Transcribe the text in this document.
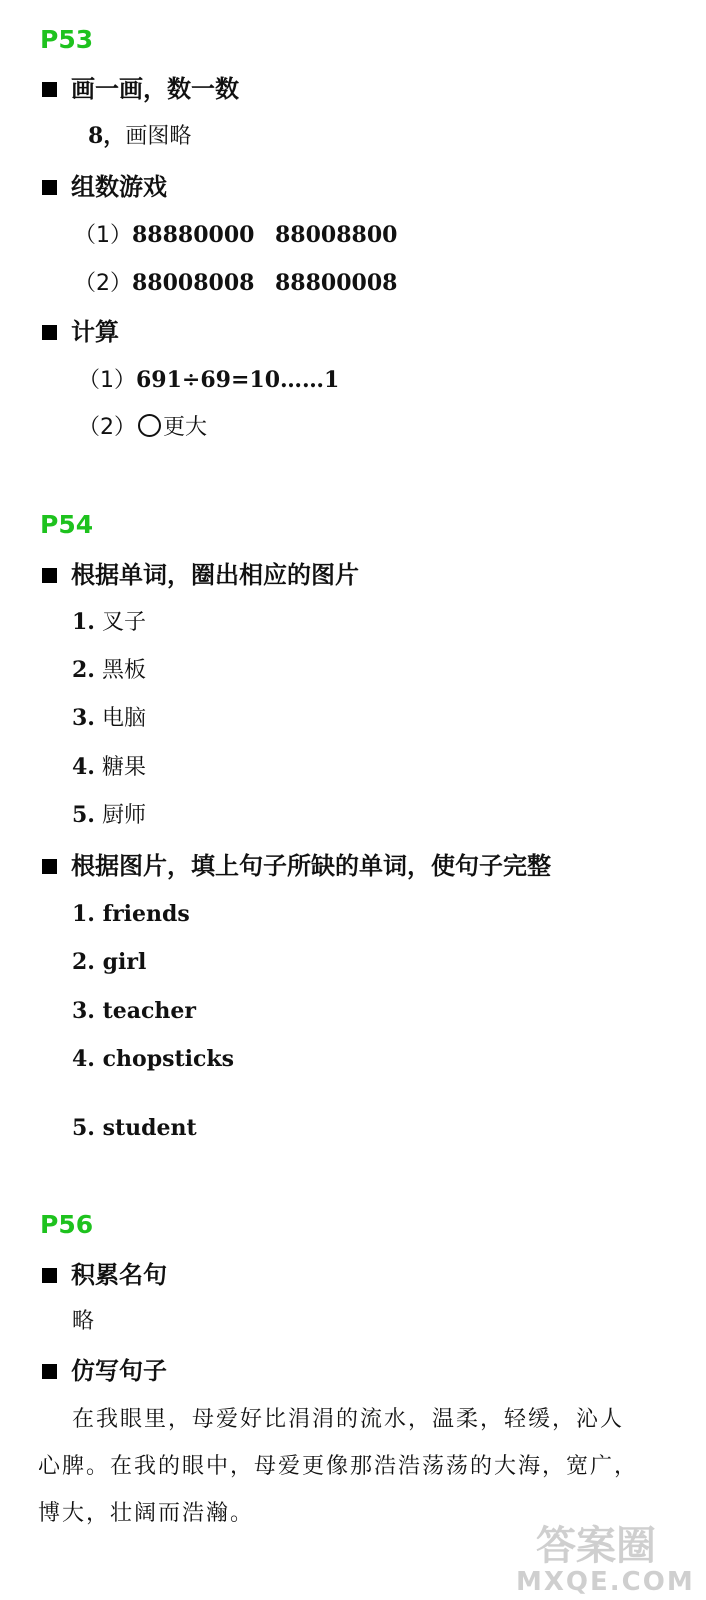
P53
画一画，数一数
8，画图略
组数游戏
（1）88880000 88008800
（2）88008008 88800008
计算
（1）691÷69=10……1
（2） 更大
P54
根据单词，圈出相应的图片
1. 叉子
2. 黑板
3. 电脑
4. 糖果
5. 厨师
根据图片，填上句子所缺的单词，使句子完整
1. friends
2. girl
3. teacher
4. chopsticks
5. student
P56
积累名句
略
仿写句子
在我眼里，母爱好比涓涓的流水，温柔，轻缓，沁人
心脾。在我的眼中，母爱更像那浩浩荡荡的大海，宽广，
博大，壮阔而浩瀚。
答案圈
MXQE.COM
